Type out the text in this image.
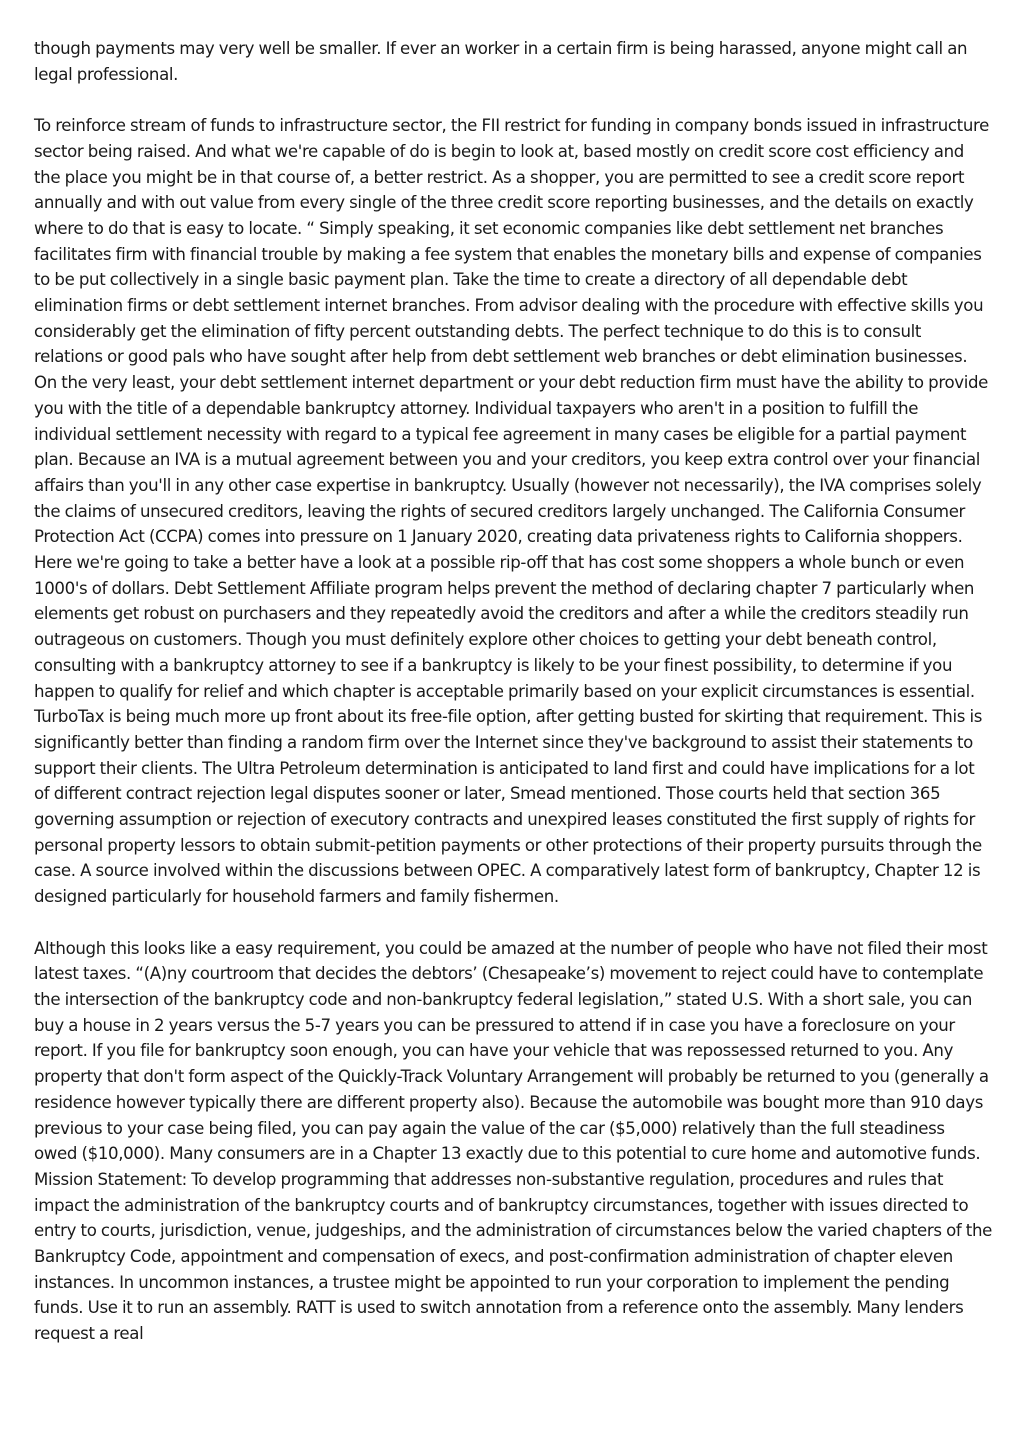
though payments may very well be smaller. If ever an worker in a certain firm is being harassed, anyone might call an legal professional.

To reinforce stream of funds to infrastructure sector, the FII restrict for funding in company bonds issued in infrastructure sector being raised. And what we're capable of do is begin to look at, based mostly on credit score cost efficiency and the place you might be in that course of, a better restrict. As a shopper, you are permitted to see a credit score report annually and with out value from every single of the three credit score reporting businesses, and the details on exactly where to do that is easy to locate. “ Simply speaking, it set economic companies like debt settlement net branches facilitates firm with financial trouble by making a fee system that enables the monetary bills and expense of companies to be put collectively in a single basic payment plan. Take the time to create a directory of all dependable debt elimination firms or debt settlement internet branches. From advisor dealing with the procedure with effective skills you considerably get the elimination of fifty percent outstanding debts. The perfect technique to do this is to consult relations or good pals who have sought after help from debt settlement web branches or debt elimination businesses. On the very least, your debt settlement internet department or your debt reduction firm must have the ability to provide you with the title of a dependable bankruptcy attorney. Individual taxpayers who aren't in a position to fulfill the individual settlement necessity with regard to a typical fee agreement in many cases be eligible for a partial payment plan. Because an IVA is a mutual agreement between you and your creditors, you keep extra control over your financial affairs than you'll in any other case expertise in bankruptcy. Usually (however not necessarily), the IVA comprises solely the claims of unsecured creditors, leaving the rights of secured creditors largely unchanged. The California Consumer Protection Act (CCPA) comes into pressure on 1 January 2020, creating data privateness rights to California shoppers. Here we're going to take a better have a look at a possible rip-off that has cost some shoppers a whole bunch or even 1000's of dollars. Debt Settlement Affiliate program helps prevent the method of declaring chapter 7 particularly when elements get robust on purchasers and they repeatedly avoid the creditors and after a while the creditors steadily run outrageous on customers. Though you must definitely explore other choices to getting your debt beneath control, consulting with a bankruptcy attorney to see if a bankruptcy is likely to be your finest possibility, to determine if you happen to qualify for relief and which chapter is acceptable primarily based on your explicit circumstances is essential. TurboTax is being much more up front about its free-file option, after getting busted for skirting that requirement. This is significantly better than finding a random firm over the Internet since they've background to assist their statements to support their clients. The Ultra Petroleum determination is anticipated to land first and could have implications for a lot of different contract rejection legal disputes sooner or later, Smead mentioned. Those courts held that section 365 governing assumption or rejection of executory contracts and unexpired leases constituted the first supply of rights for personal property lessors to obtain submit-petition payments or other protections of their property pursuits through the case. A source involved within the discussions between OPEC. A comparatively latest form of bankruptcy, Chapter 12 is designed particularly for household farmers and family fishermen.

Although this looks like a easy requirement, you could be amazed at the number of people who have not filed their most latest taxes. “(A)ny courtroom that decides the debtors’ (Chesapeake’s) movement to reject could have to contemplate the intersection of the bankruptcy code and non-bankruptcy federal legislation,” stated U.S. With a short sale, you can buy a house in 2 years versus the 5-7 years you can be pressured to attend if in case you have a foreclosure on your report. If you file for bankruptcy soon enough, you can have your vehicle that was repossessed returned to you. Any property that don't form aspect of the Quickly-Track Voluntary Arrangement will probably be returned to you (generally a residence however typically there are different property also). Because the automobile was bought more than 910 days previous to your case being filed, you can pay again the value of the car ($5,000) relatively than the full steadiness owed ($10,000). Many consumers are in a Chapter 13 exactly due to this potential to cure home and automotive funds. Mission Statement: To develop programming that addresses non-substantive regulation, procedures and rules that impact the administration of the bankruptcy courts and of bankruptcy circumstances, together with issues directed to entry to courts, jurisdiction, venue, judgeships, and the administration of circumstances below the varied chapters of the Bankruptcy Code, appointment and compensation of execs, and post-confirmation administration of chapter eleven instances. In uncommon instances, a trustee might be appointed to run your corporation to implement the pending funds. Use it to run an assembly. RATT is used to switch annotation from a reference onto the assembly. Many lenders request a real
